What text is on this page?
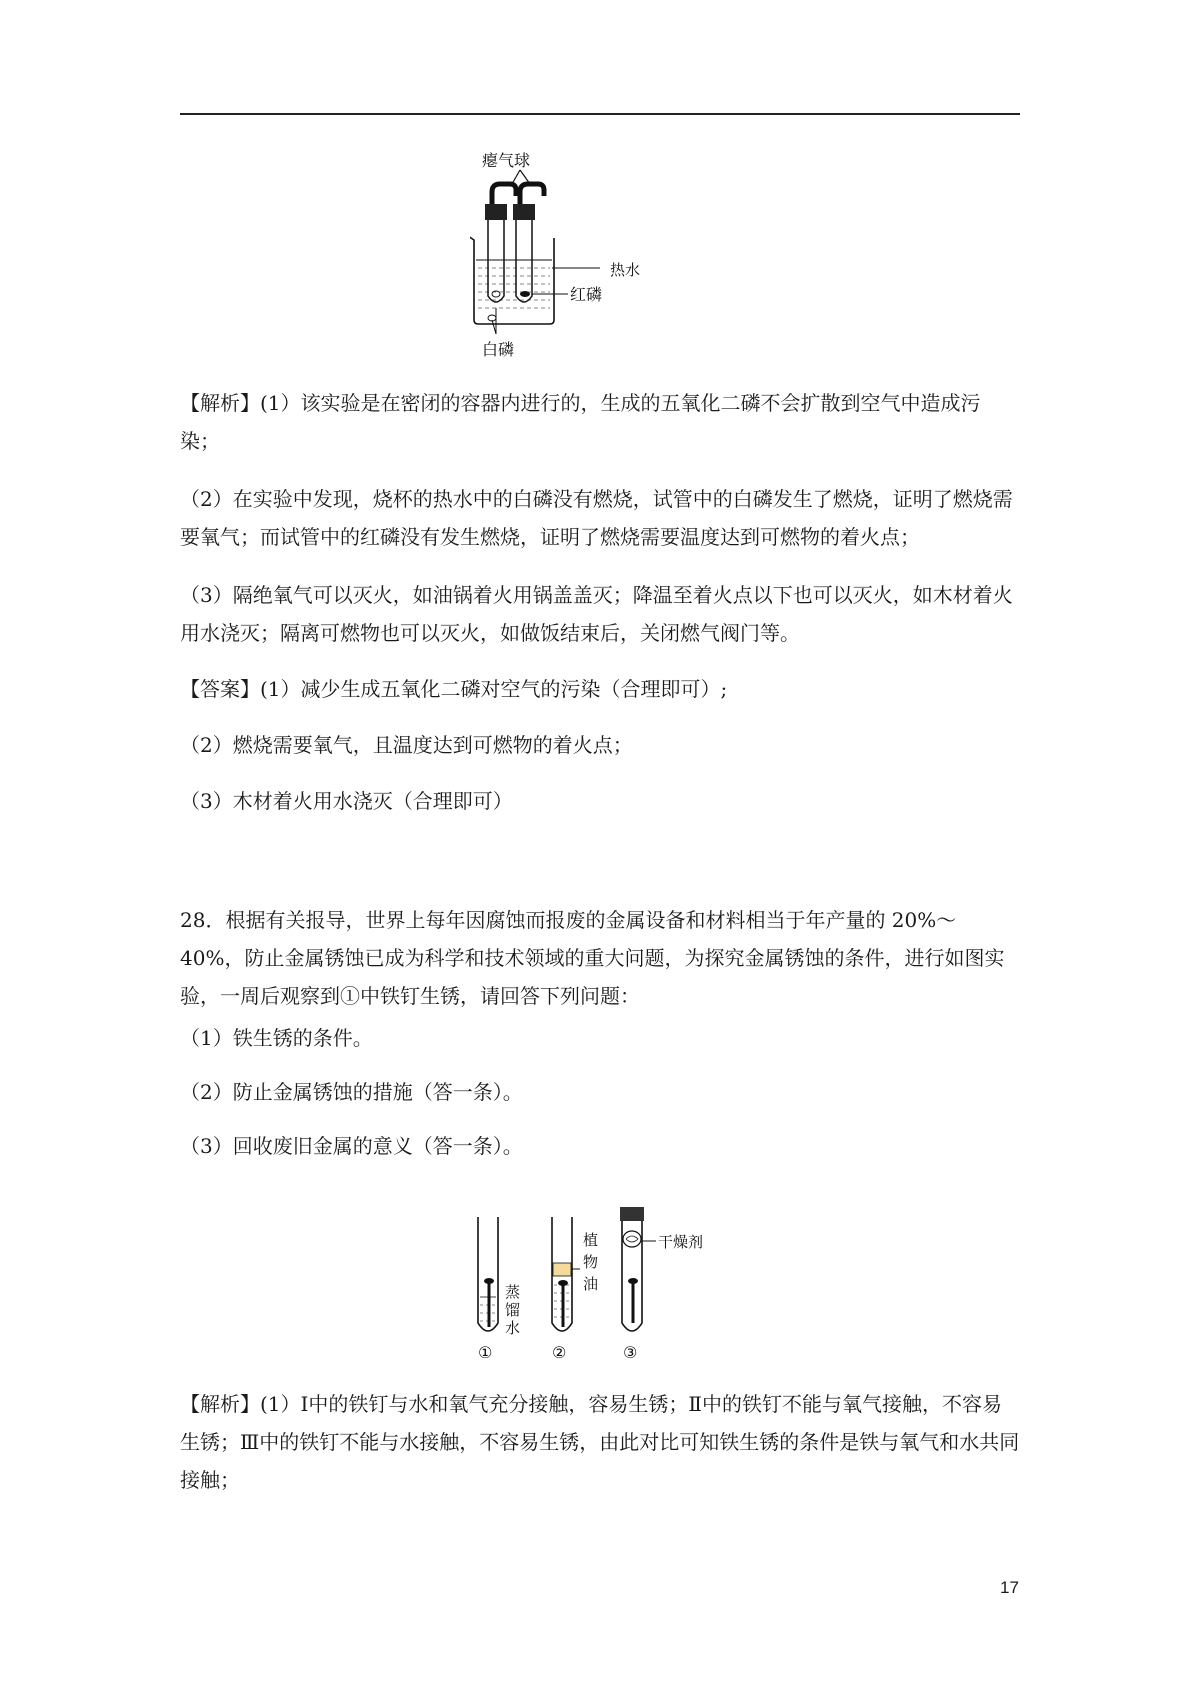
瘪气球
热水
红磷
白磷

【解析】(1）该实验是在密闭的容器内进行的，生成的五氧化二磷不会扩散到空气中造成污染；

（2）在实验中发现，烧杯的热水中的白磷没有燃烧，试管中的白磷发生了燃烧，证明了燃烧需要氧气；而试管中的红磷没有发生燃烧，证明了燃烧需要温度达到可燃物的着火点；

（3）隔绝氧气可以灭火，如油锅着火用锅盖盖灭；降温至着火点以下也可以灭火，如木材着火用水浇灭；隔离可燃物也可以灭火，如做饭结束后，关闭燃气阀门等。

【答案】(1）减少生成五氧化二磷对空气的污染（合理即可）;

（2）燃烧需要氧气，且温度达到可燃物的着火点；

（3）木材着火用水浇灭（合理即可）

28．根据有关报导，世界上每年因腐蚀而报废的金属设备和材料相当于年产量的 20%～40%，防止金属锈蚀已成为科学和技术领域的重大问题，为探究金属锈蚀的条件，进行如图实验，一周后观察到①中铁钉生锈，请回答下列问题：

（1）铁生锈的条件。

（2）防止金属锈蚀的措施（答一条）。

（3）回收废旧金属的意义（答一条）。

蒸
馏
水
①
植
物
油
②
干燥剂
③

【解析】(1）Ⅰ中的铁钉与水和氧气充分接触，容易生锈；Ⅱ中的铁钉不能与氧气接触，不容易生锈；Ⅲ中的铁钉不能与水接触，不容易生锈，由此对比可知铁生锈的条件是铁与氧气和水共同接触；

17
